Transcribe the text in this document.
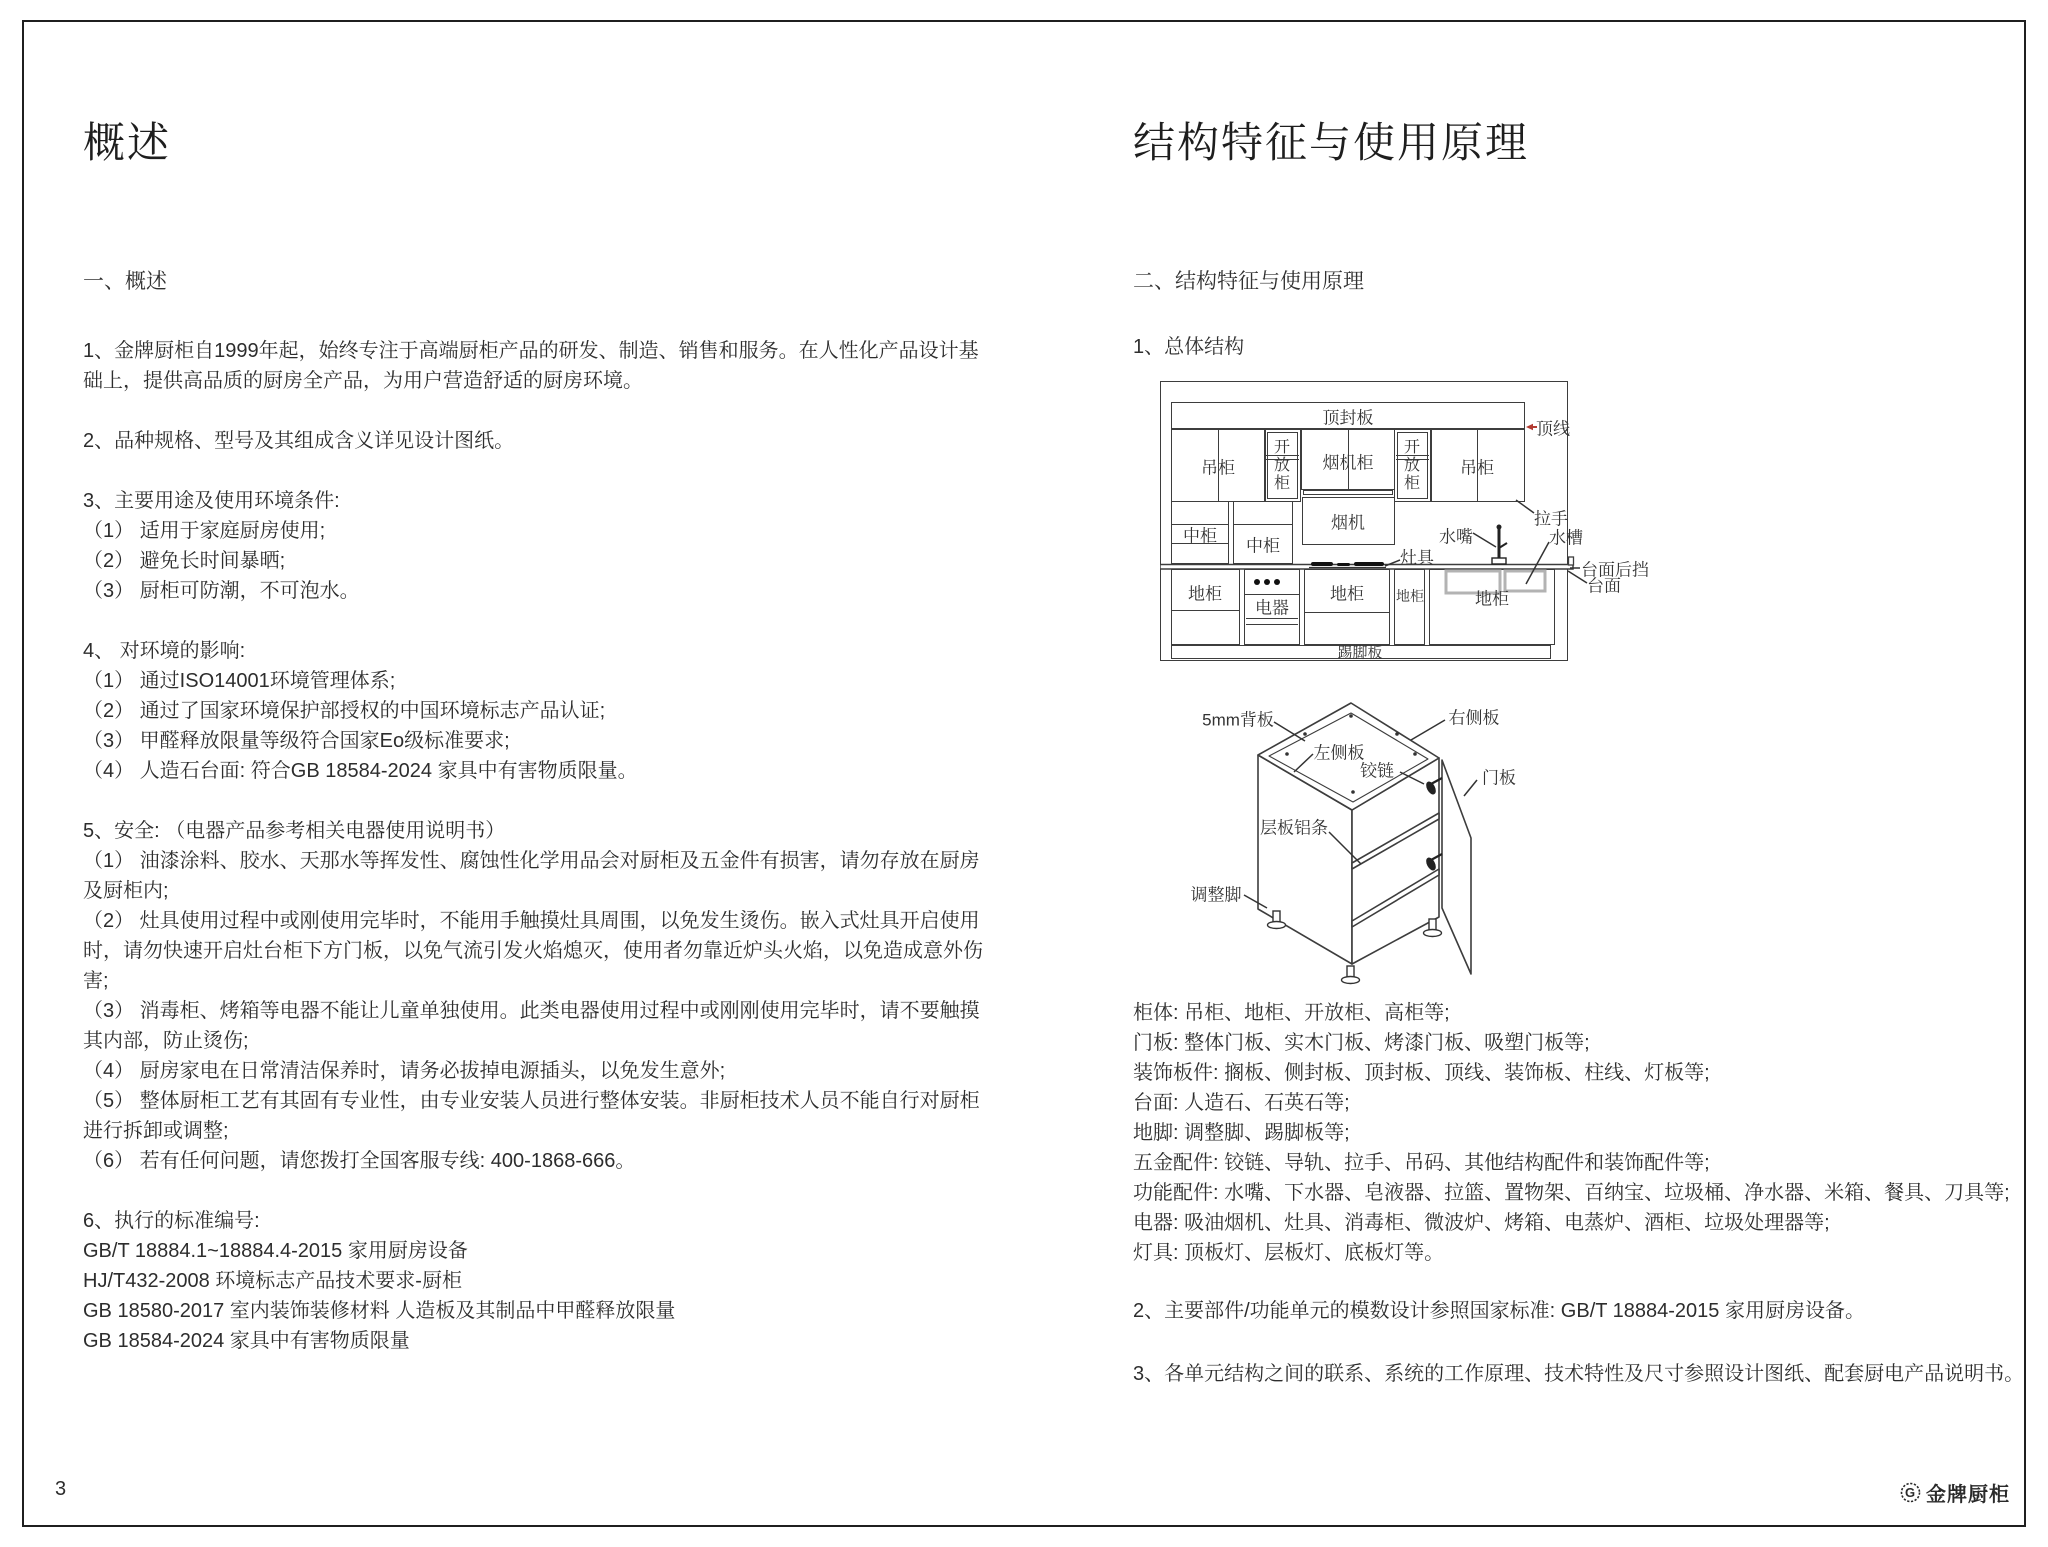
概述
一、概述

1、金牌厨柜自1999年起，始终专注于高端厨柜产品的研发、制造、销售和服务。在人性化产品设计基础上，提供高品质的厨房全产品，为用户营造舒适的厨房环境。

2、品种规格、型号及其组成含义详见设计图纸。

3、主要用途及使用环境条件:

（1） 适用于家庭厨房使用;

（2） 避免长时间暴晒;

（3） 厨柜可防潮，不可泡水。

4、 对环境的影响:

（1） 通过ISO14001环境管理体系;

（2） 通过了国家环境保护部授权的中国环境标志产品认证;

（3） 甲醛释放限量等级符合国家Eo级标准要求;

（4） 人造石台面: 符合GB 18584-2024 家具中有害物质限量。

5、安全: （电器产品参考相关电器使用说明书）

（1） 油漆涂料、胶水、天那水等挥发性、腐蚀性化学用品会对厨柜及五金件有损害，请勿存放在厨房及厨柜内;

（2） 灶具使用过程中或刚使用完毕时，不能用手触摸灶具周围，以免发生烫伤。嵌入式灶具开启使用时，请勿快速开启灶台柜下方门板，以免气流引发火焰熄灭，使用者勿靠近炉头火焰，以免造成意外伤害;

（3） 消毒柜、烤箱等电器不能让儿童单独使用。此类电器使用过程中或刚刚使用完毕时，请不要触摸其内部，防止烫伤;

（4） 厨房家电在日常清洁保养时，请务必拔掉电源插头，以免发生意外;

（5） 整体厨柜工艺有其固有专业性，由专业安装人员进行整体安装。非厨柜技术人员不能自行对厨柜进行拆卸或调整;

（6） 若有任何问题，请您拨打全国客服专线: 400-1868-666。

6、执行的标准编号:

GB/T 18884.1~18884.4-2015 家用厨房设备

HJ/T432-2008 环境标志产品技术要求-厨柜

GB 18580-2017 室内装饰装修材料 人造板及其制品中甲醛释放限量

GB 18584-2024 家具中有害物质限量

结构特征与使用原理
二、结构特征与使用原理
1、总体结构
顶封板
顶线
吊柜
开放柜
烟机柜
开放柜
吊柜
拉手
中柜
中柜
烟机
水嘴	水槽
灶具
台面后挡
台面
地柜
电器
地柜 地柜	地柜
踢脚板
5mm背板	右侧板
左侧板
铰链	门板
层板铝条
调整脚

柜体: 吊柜、地柜、开放柜、高柜等;

门板: 整体门板、实木门板、烤漆门板、吸塑门板等;

装饰板件: 搁板、侧封板、顶封板、顶线、装饰板、柱线、灯板等;

台面: 人造石、石英石等;

地脚: 调整脚、踢脚板等;

五金配件: 铰链、导轨、拉手、吊码、其他结构配件和装饰配件等;

功能配件: 水嘴、下水器、皂液器、拉篮、置物架、百纳宝、垃圾桶、净水器、米箱、餐具、刀具等;

电器: 吸油烟机、灶具、消毒柜、微波炉、烤箱、电蒸炉、酒柜、垃圾处理器等;

灯具: 顶板灯、层板灯、底板灯等。

2、主要部件/功能单元的模数设计参照国家标准: GB/T 18884-2015 家用厨房设备。
3、各单元结构之间的联系、系统的工作原理、技术特性及尺寸参照设计图纸、配套厨电产品说明书。
3	G 金牌厨柜
